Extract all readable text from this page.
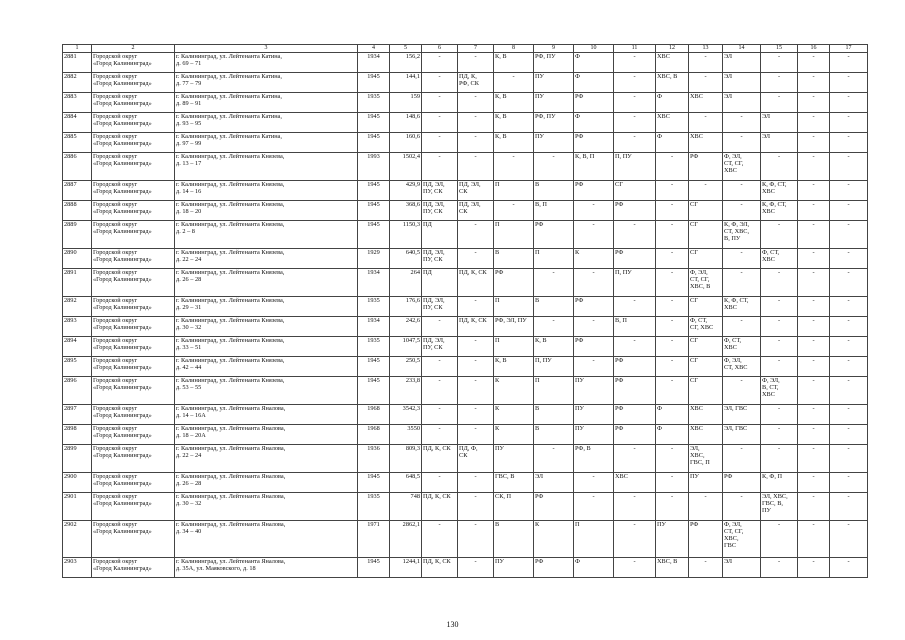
1	2	3	4	5	6	7	8	9	10	11	12	13	14	15	16	17
2881	Городской округ
«Город Калининград»	г. Калининград, ул. Лейтенанта Катина,
д. 69 – 71	1934	156,2	-	-	К, В	РФ, ПУ	Ф	-	ХВС	-	ЭЛ	-	-	-
2882	Городской округ
«Город Калининград»	г. Калининград, ул. Лейтенанта Катина,
д. 77 – 79	1945	144,1	-	ПД, К,
РФ, СК	-	ПУ	Ф	-	ХВС, В	-	ЭЛ	-	-	-
2883	Городской округ
«Город Калининград»	г. Калининград, ул. Лейтенанта Катина,
д. 89 – 91	1935	159	-	-	К, В	ПУ	РФ	-	Ф	ХВС	ЭЛ	-	-	-
2884	Городской округ
«Город Калининград»	г. Калининград, ул. Лейтенанта Катина,
д. 93 – 95	1945	148,6	-	-	К, В	РФ, ПУ	Ф	-	ХВС	-	-	ЭЛ	-	-
2885	Городской округ
«Город Калининград»	г. Калининград, ул. Лейтенанта Катина,
д. 97 – 99	1945	160,6	-	-	К, В	ПУ	РФ	-	Ф	ХВС	-	ЭЛ	-	-
2886	Городской округ
«Город Калининград»	г. Калининград, ул. Лейтенанта Князева,
д. 13 – 17	1993	1502,4	-	-	-	-	К, В, П	П, ПУ	-	РФ	Ф, ЭЛ,
СТ, СГ,
ХВС	-	-	-
2887	Городской округ
«Город Калининград»	г. Калининград, ул. Лейтенанта Князева,
д. 14 – 16	1945	429,9	ПД, ЭЛ,
ПУ, СК	ПД, ЭЛ,
СК	П	В	РФ	СГ	-	-	-	К, Ф, СТ,
ХВС	-	-
2888	Городской округ
«Город Калининград»	г. Калининград, ул. Лейтенанта Князева,
д. 18 – 20	1945	368,6	ПД, ЭЛ,
ПУ, СК	ПД, ЭЛ,
СК	-	В, П	-	РФ	-	СГ	-	К, Ф, СТ,
ХВС	-	-
2889	Городской округ
«Город Калининград»	г. Калининград, ул. Лейтенанта Князева,
д. 2 – 8	1945	1150,3	ПД	-	П	РФ	-	-	-	СГ	К, Ф, ЭЛ,
СТ, ХВС,
В, ПУ	-	-	-
2890	Городской округ
«Город Калининград»	г. Калининград, ул. Лейтенанта Князева,
д. 22 – 24	1929	640,5	ПД, ЭЛ,
ПУ, СК	-	В	П	К	РФ	-	СГ	-	Ф, СТ,
ХВС	-	-
2891	Городской округ
«Город Калининград»	г. Калининград, ул. Лейтенанта Князева,
д. 26 – 28	1934	264	ПД	ПД, К, СК	РФ	-	-	П, ПУ	-	Ф, ЭЛ,
СТ, СГ,
ХВС, В	-	-	-	-
2892	Городской округ
«Город Калининград»	г. Калининград, ул. Лейтенанта Князева,
д. 29 – 31	1935	176,6	ПД, ЭЛ,
ПУ, СК	-	П	В	РФ	-	-	СГ	К, Ф, СТ,
ХВС	-	-	-
2893	Городской округ
«Город Калининград»	г. Калининград, ул. Лейтенанта Князева,
д. 30 – 32	1934	242,6	-	ПД, К, СК	РФ, ЭЛ, ПУ	-	-	В, П	-	Ф, СТ,
СГ, ХВС	-	-	-	-
2894	Городской округ
«Город Калининград»	г. Калининград, ул. Лейтенанта Князева,
д. 33 – 51	1935	1047,5	ПД, ЭЛ,
ПУ, СК	-	П	К, В	РФ	-	-	СГ	Ф, СТ,
ХВС	-	-	-
2895	Городской округ
«Город Калининград»	г. Калининград, ул. Лейтенанта Князева,
д. 42 – 44	1945	250,5	-	-	К, В	П, ПУ	-	РФ	-	СГ	Ф, ЭЛ,
СТ, ХВС	-	-	-
2896	Городской округ
«Город Калининград»	г. Калининград, ул. Лейтенанта Князева,
д. 53 – 55	1945	233,8	-	-	К	П	ПУ	РФ	-	СГ	-	Ф, ЭЛ,
В, СТ,
ХВС	-	-
2897	Городской округ
«Город Калининград»	г. Калининград, ул. Лейтенанта Яналова,
д. 14 – 16А	1968	3542,3	-	-	К	В	ПУ	РФ	Ф	ХВС	ЭЛ, ГВС	-	-	-
2898	Городской округ
«Город Калининград»	г. Калининград, ул. Лейтенанта Яналова,
д. 18 – 20А	1968	3550	-	-	К	В	ПУ	РФ	Ф	ХВС	ЭЛ, ГВС	-	-	-
2899	Городской округ
«Город Калининград»	г. Калининград, ул. Лейтенанта Яналова,
д. 22 – 24	1936	809,3	ПД, К, СК	ПД, Ф,
СК	ПУ	-	РФ, В	-	-	ЭЛ,
ХВС,
ГВС, П	-	-	-	-
2900	Городской округ
«Город Калининград»	г. Калининград, ул. Лейтенанта Яналова,
д. 26 – 28	1945	648,5	-	-	ГВС, В	ЭЛ	-	ХВС	-	ПУ	РФ	К, Ф, П	-	-
2901	Городской округ
«Город Калининград»	г. Калининград, ул. Лейтенанта Яналова,
д. 30 – 32	1935	748	ПД, К, СК	-	СК, П	РФ	-	-	-	-	-	ЭЛ, ХВС,
ГВС, В,
ПУ	-	-
2902	Городской округ
«Город Калининград»	г. Калининград, ул. Лейтенанта Яналова,
д. 34 – 40	1971	2862,1	-	-	В	К	П	-	ПУ	РФ	Ф, ЭЛ,
СТ, СГ,
ХВС,
ГВС	-	-	-
2903	Городской округ
«Город Калининград»	г. Калининград, ул. Лейтенанта Яналова,
д. 35А, ул. Маяковского, д. 18	1945	1244,1	ПД, К, СК	-	ПУ	РФ	Ф	-	ХВС, В	-	ЭЛ	-	-	-
130
